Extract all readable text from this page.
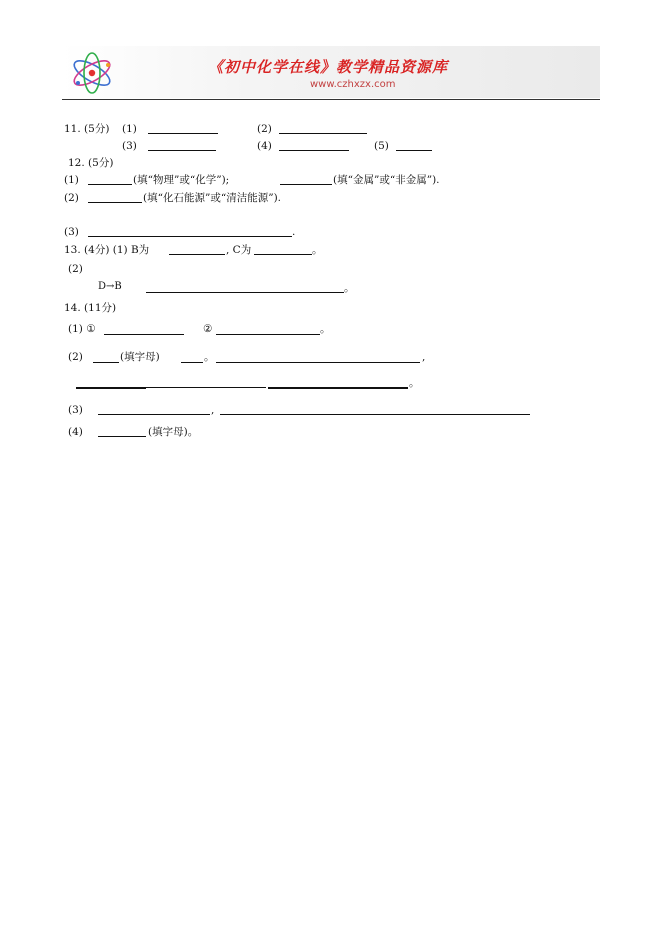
《初中化学在线》教学精品资源库
www.czhxzx.com
11. (5分) (1)	(2)
(3)	(4)	(5)
12. (5分)
(1)	(填“物理”或“化学”);	(填“金属”或“非金属”).
(2)	(填“化石能源”或“清洁能源”).
(3)	.
13. (4分) (1) B为	, C为	。
(2)
D→B	。
14. (11分)
(1) ①	②	。
(2)	(填字母)	。	,
。
(3)	,
(4)	(填字母)。
